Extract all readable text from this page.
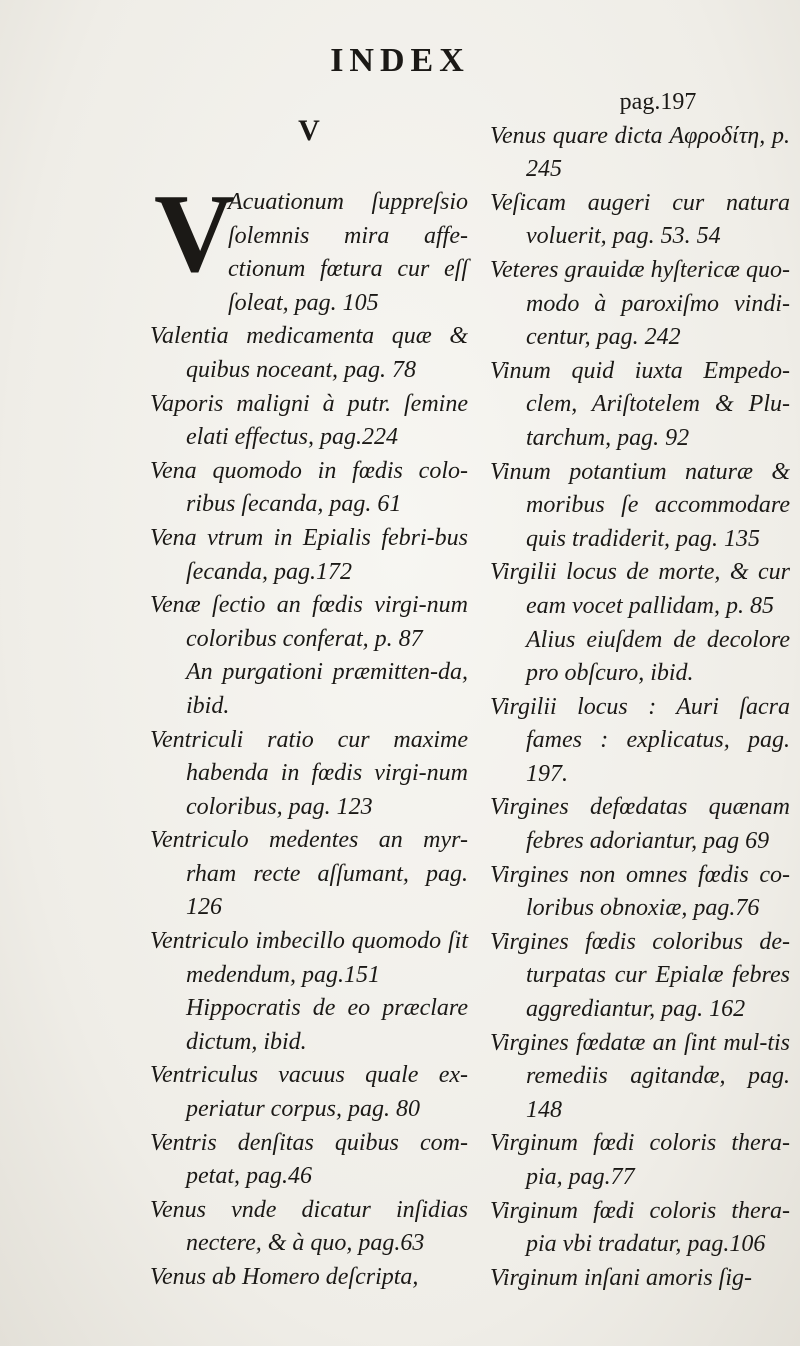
INDEX
V

V
Acuationum ſuppreſsio ſolemnis mira affe-ctionum fœtura cur eſſ ſoleat, pag. 105

Valentia medicamenta quæ & quibus noceant, pag. 78

Vaporis maligni à putr. ſemine elati effectus, pag.224

Vena quomodo in fœdis colo-ribus ſecanda, pag. 61

Vena vtrum in Epialis febri-bus ſecanda, pag.172

Venæ ſectio an fœdis virgi-num coloribus conferat, p. 87

An purgationi præmitten-da, ibid.

Ventriculi ratio cur maxime habenda in fœdis virgi-num coloribus, pag. 123

Ventriculo medentes an myr-rham recte aſſumant, pag. 126

Ventriculo imbecillo quomodo ſit medendum, pag.151

Hippocratis de eo præclare dictum, ibid.

Ventriculus vacuus quale ex-periatur corpus, pag. 80

Ventris denſitas quibus com-petat, pag.46

Venus vnde dicatur inſidias nectere, & à quo, pag.63

Venus ab Homero deſcripta,

pag.197

Venus quare dicta Αφροδίτη, p. 245

Veſicam augeri cur natura voluerit, pag. 53. 54

Veteres grauidæ hyſtericæ quo-modo à paroxiſmo vindi-centur, pag. 242

Vinum quid iuxta Empedo-clem, Ariſtotelem & Plu-tarchum, pag. 92

Vinum potantium naturæ & moribus ſe accommodare quis tradiderit, pag. 135

Virgilii locus de morte, & cur eam vocet pallidam, p. 85

Alius eiuſdem de decolore pro obſcuro, ibid.

Virgilii locus : Auri ſacra fames : explicatus, pag. 197.

Virgines defœdatas quænam febres adoriantur, pag 69

Virgines non omnes fœdis co-loribus obnoxiæ, pag.76

Virgines fœdis coloribus de-turpatas cur Epialæ febres aggrediantur, pag. 162

Virgines fœdatæ an ſint mul-tis remediis agitandæ, pag. 148

Virginum fœdi coloris thera-pia, pag.77

Virginum fœdi coloris thera-pia vbi tradatur, pag.106

Virginum inſani amoris ſig-
